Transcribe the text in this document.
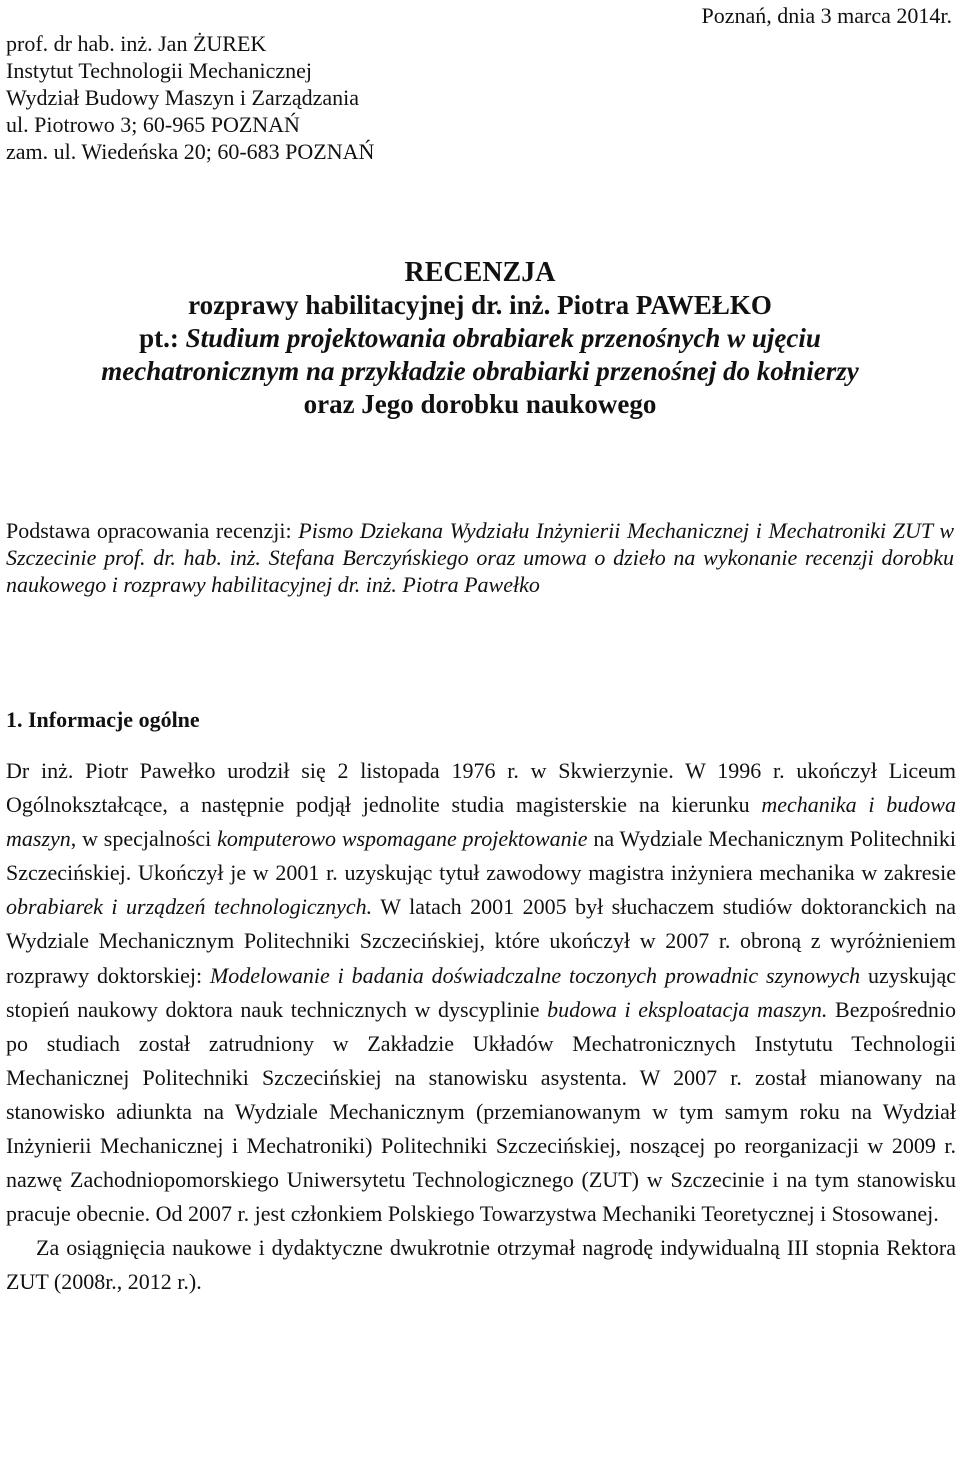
prof. dr hab. inż. Jan ŻUREK
Instytut Technologii Mechanicznej
Wydział Budowy Maszyn i Zarządzania
ul. Piotrowo 3; 60-965 POZNAŃ
zam. ul. Wiedeńska 20; 60-683 POZNAŃ
Poznań, dnia 3 marca 2014r.
RECENZJA
rozprawy habilitacyjnej dr. inż. Piotra PAWEŁKO
pt.: Studium projektowania obrabiarek przenośnych w ujęciu
mechatronicznym na przykładzie obrabiarki przenośnej do kołnierzy
oraz Jego dorobku naukowego
Podstawa opracowania recenzji: Pismo Dziekana Wydziału Inżynierii Mechanicznej i Mechatroniki ZUT w Szczecinie prof. dr. hab. inż. Stefana Berczyńskiego oraz umowa o dzieło na wykonanie recenzji dorobku naukowego i rozprawy habilitacyjnej dr. inż. Piotra Pawełko
1. Informacje ogólne

Dr inż. Piotr Pawełko urodził się 2 listopada 1976 r. w Skwierzynie. W 1996 r. ukończył Liceum Ogólnokształcące, a następnie podjął jednolite studia magisterskie na kierunku mechanika i budowa maszyn, w specjalności komputerowo wspomagane projektowanie na Wydziale Mechanicznym Politechniki Szczecińskiej. Ukończył je w 2001 r. uzyskując tytuł zawodowy magistra inżyniera mechanika w zakresie obrabiarek i urządzeń technologicznych. W latach 2001 2005 był słuchaczem studiów doktoranckich na Wydziale Mechanicznym Politechniki Szczecińskiej, które ukończył w 2007 r. obroną z wyróżnieniem rozprawy doktorskiej: Modelowanie i badania doświadczalne toczonych prowadnic szynowych uzyskując stopień naukowy doktora nauk technicznych w dyscyplinie budowa i eksploatacja maszyn. Bezpośrednio po studiach został zatrudniony w Zakładzie Układów Mechatronicznych Instytutu Technologii Mechanicznej Politechniki Szczecińskiej na stanowisku asystenta. W 2007 r. został mianowany na stanowisko adiunkta na Wydziale Mechanicznym (przemianowanym w tym samym roku na Wydział Inżynierii Mechanicznej i Mechatroniki) Politechniki Szczecińskiej, noszącej po reorganizacji w 2009 r. nazwę Zachodniopomorskiego Uniwersytetu Technologicznego (ZUT) w Szczecinie i na tym stanowisku pracuje obecnie. Od 2007 r. jest członkiem Polskiego Towarzystwa Mechaniki Teoretycznej i Stosowanej.

Za osiągnięcia naukowe i dydaktyczne dwukrotnie otrzymał nagrodę indywidualną III stopnia Rektora ZUT (2008r., 2012 r.).
